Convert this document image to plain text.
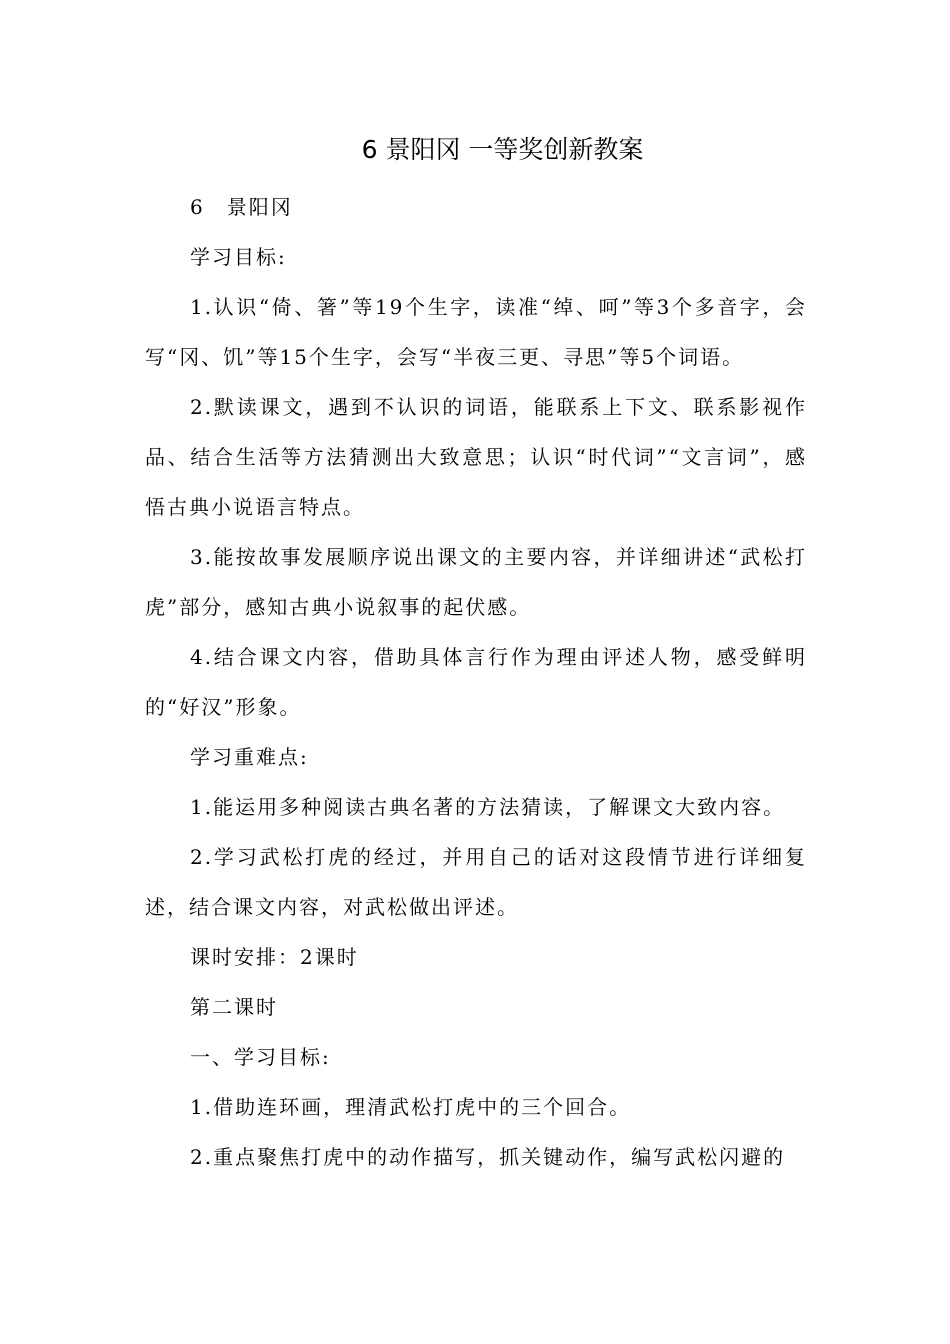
6 景阳冈 一等奖创新教案

6　景阳冈

学习目标:

1.认识“倚、箸”等19个生字，读准“绰、呵”等3个多音字，会写“冈、饥”等15个生字，会写“半夜三更、寻思”等5个词语。

2.默读课文，遇到不认识的词语，能联系上下文、联系影视作品、结合生活等方法猜测出大致意思；认识“时代词”“文言词”，感悟古典小说语言特点。

3.能按故事发展顺序说出课文的主要内容，并详细讲述“武松打虎”部分，感知古典小说叙事的起伏感。

4.结合课文内容，借助具体言行作为理由评述人物，感受鲜明的“好汉”形象。

学习重难点:

1.能运用多种阅读古典名著的方法猜读，了解课文大致内容。

2.学习武松打虎的经过，并用自己的话对这段情节进行详细复述，结合课文内容，对武松做出评述。

课时安排：2课时

第二课时

一、学习目标:

1.借助连环画，理清武松打虎中的三个回合。

2.重点聚焦打虎中的动作描写，抓关键动作，编写武松闪避的
